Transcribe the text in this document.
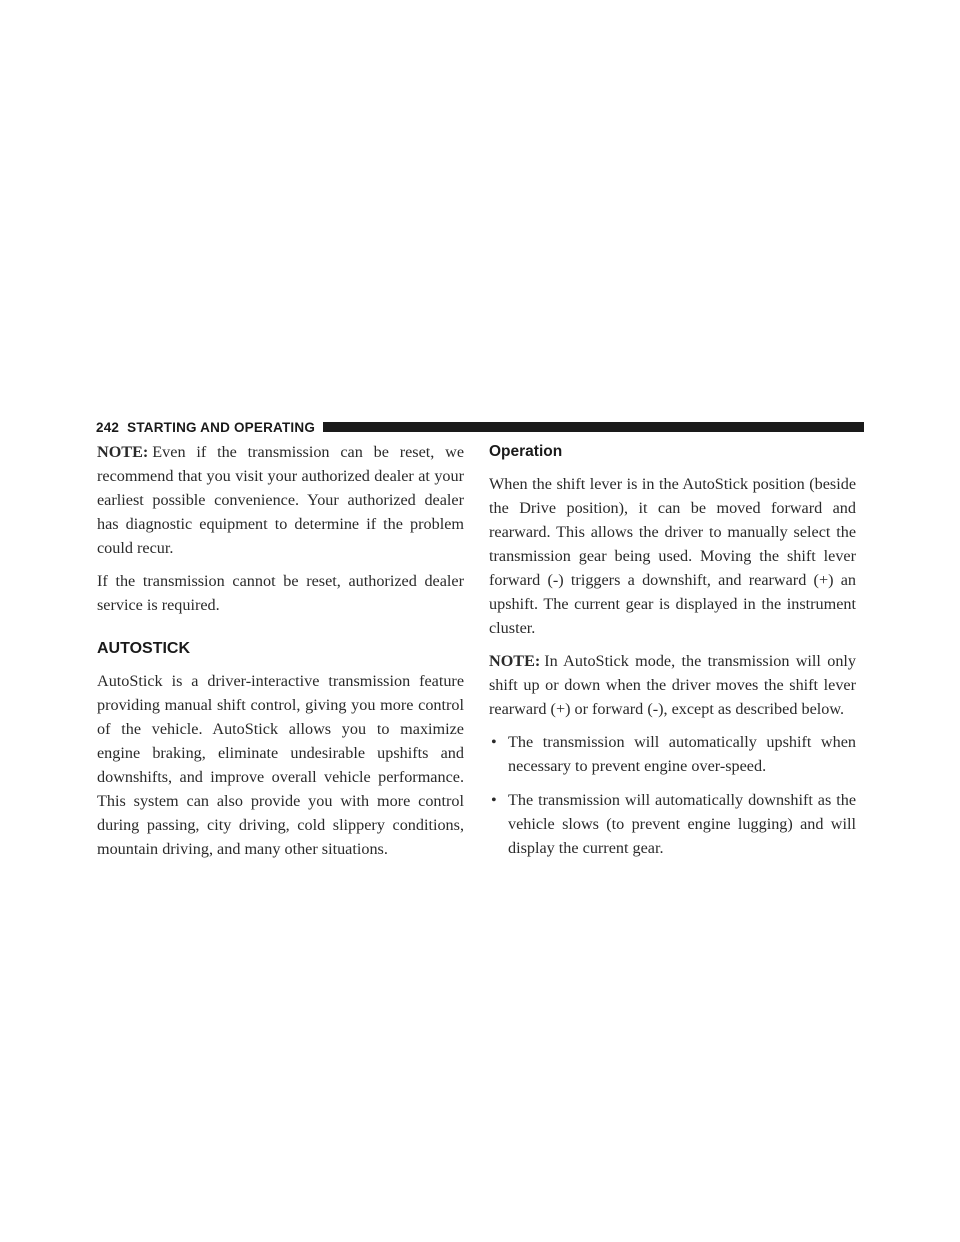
242 STARTING AND OPERATING

NOTE: Even if the transmission can be reset, we recommend that you visit your authorized dealer at your earliest possible convenience. Your authorized dealer has diagnostic equipment to determine if the problem could recur.

If the transmission cannot be reset, authorized dealer service is required.

AUTOSTICK

AutoStick is a driver-interactive transmission feature providing manual shift control, giving you more control of the vehicle. AutoStick allows you to maximize engine braking, eliminate undesirable upshifts and downshifts, and improve overall vehicle performance. This system can also provide you with more control during passing, city driving, cold slippery conditions, mountain driving, and many other situations.

Operation

When the shift lever is in the AutoStick position (beside the Drive position), it can be moved forward and rearward. This allows the driver to manually select the transmission gear being used. Moving the shift lever forward (-) triggers a downshift, and rearward (+) an upshift. The current gear is displayed in the instrument cluster.

NOTE: In AutoStick mode, the transmission will only shift up or down when the driver moves the shift lever rearward (+) or forward (-), except as described below.

• The transmission will automatically upshift when necessary to prevent engine over-speed.
• The transmission will automatically downshift as the vehicle slows (to prevent engine lugging) and will display the current gear.
